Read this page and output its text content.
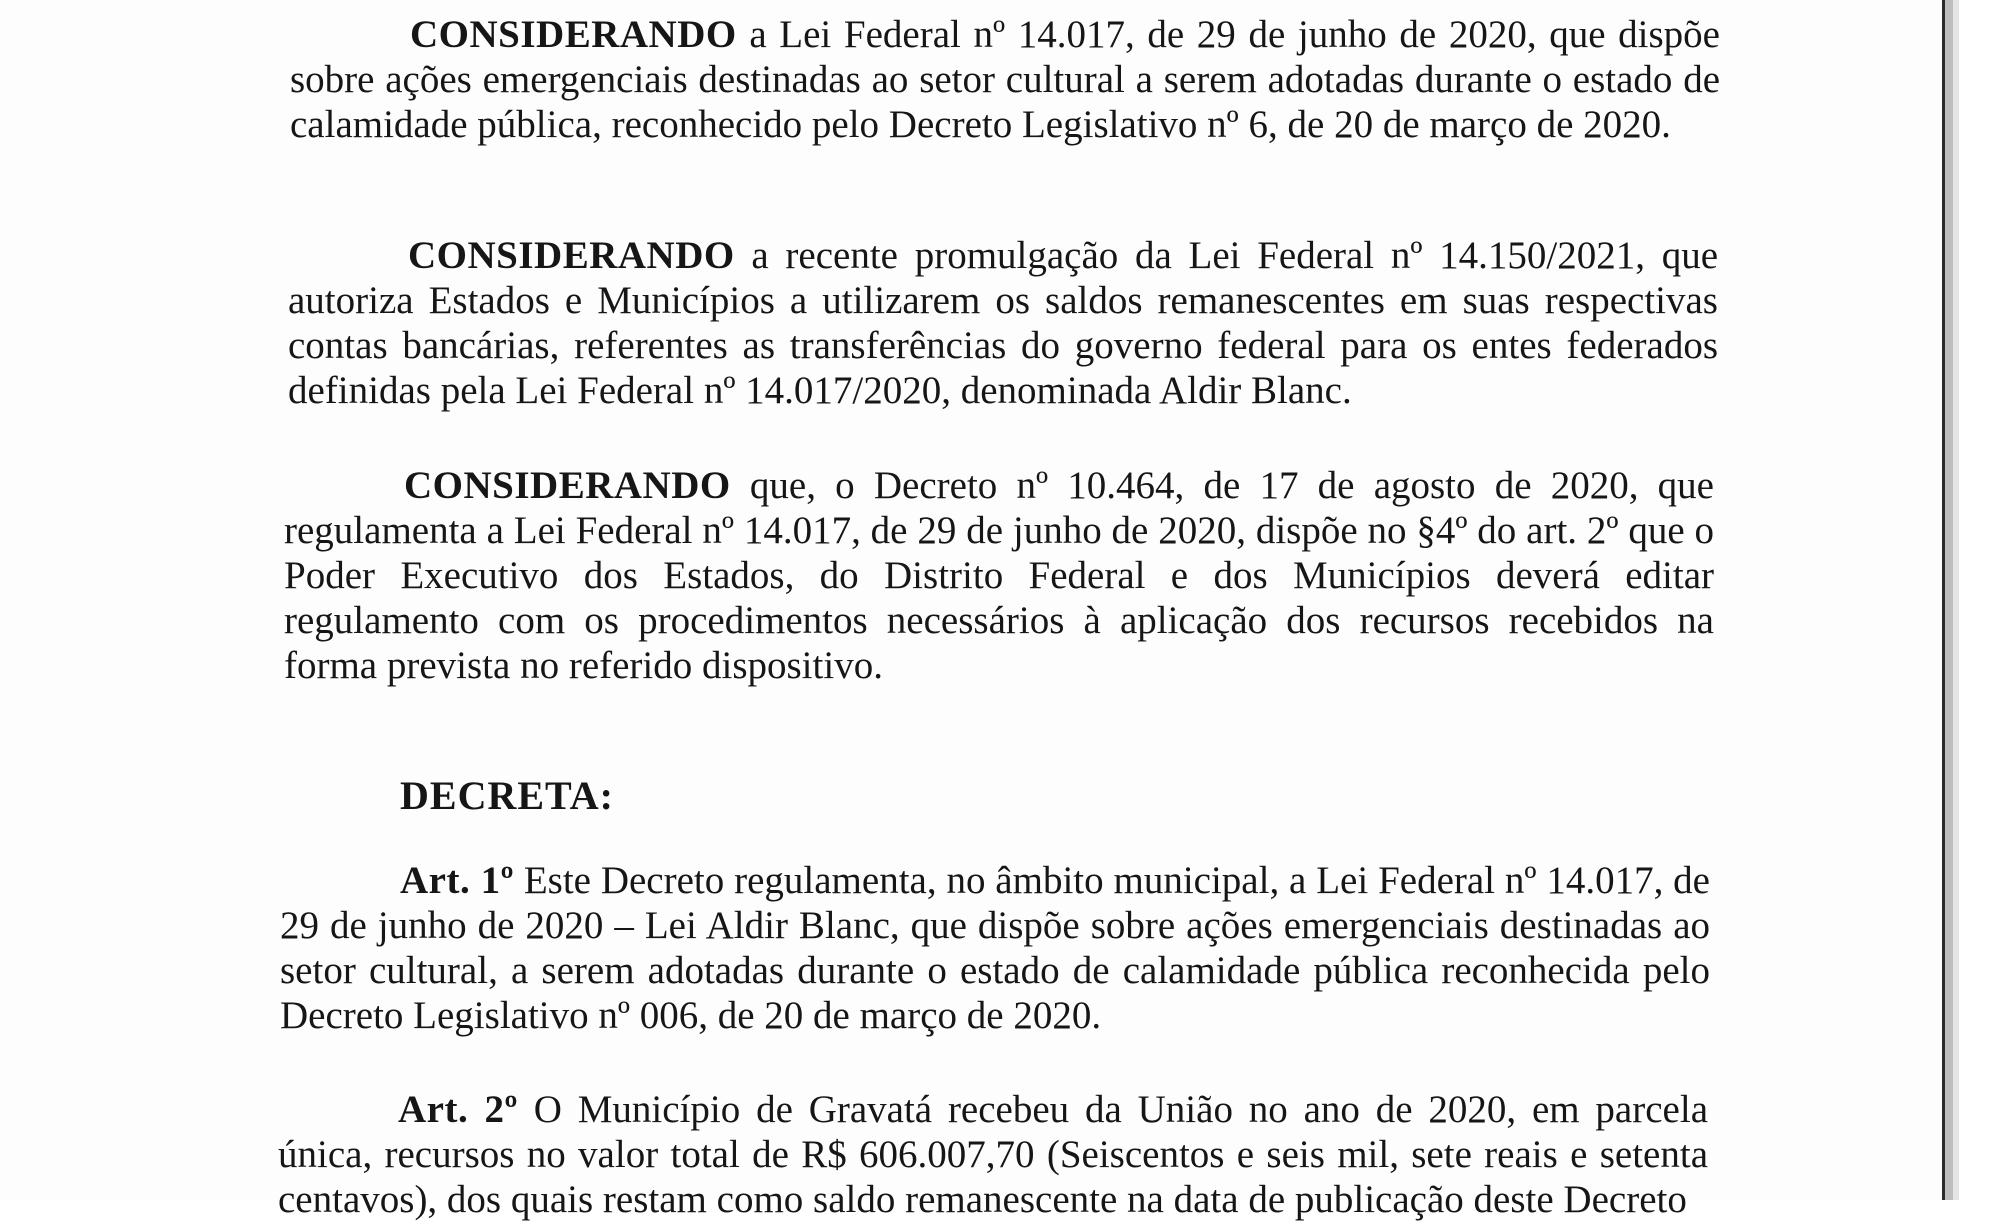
CONSIDERANDO a Lei Federal nº 14.017, de 29 de junho de 2020, que dispõe sobre ações emergenciais destinadas ao setor cultural a serem adotadas durante o estado de calamidade pública, reconhecido pelo Decreto Legislativo nº 6, de 20 de março de 2020.

CONSIDERANDO a recente promulgação da Lei Federal nº 14.150/2021, que autoriza Estados e Municípios a utilizarem os saldos remanescentes em suas respectivas contas bancárias, referentes as transferências do governo federal para os entes federados definidas pela Lei Federal nº 14.017/2020, denominada Aldir Blanc.

CONSIDERANDO que, o Decreto nº 10.464, de 17 de agosto de 2020, que regulamenta a Lei Federal nº 14.017, de 29 de junho de 2020, dispõe no §4º do art. 2º que o Poder Executivo dos Estados, do Distrito Federal e dos Municípios deverá editar regulamento com os procedimentos necessários à aplicação dos recursos recebidos na forma prevista no referido dispositivo.

DECRETA:

Art. 1º Este Decreto regulamenta, no âmbito municipal, a Lei Federal nº 14.017, de 29 de junho de 2020 – Lei Aldir Blanc, que dispõe sobre ações emergenciais destinadas ao setor cultural, a serem adotadas durante o estado de calamidade pública reconhecida pelo Decreto Legislativo nº 006, de 20 de março de 2020.

Art. 2º O Município de Gravatá recebeu da União no ano de 2020, em parcela única, recursos no valor total de R$ 606.007,70 (Seiscentos e seis mil, sete reais e setenta centavos), dos quais restam como saldo remanescente na data de publicação deste Decreto
